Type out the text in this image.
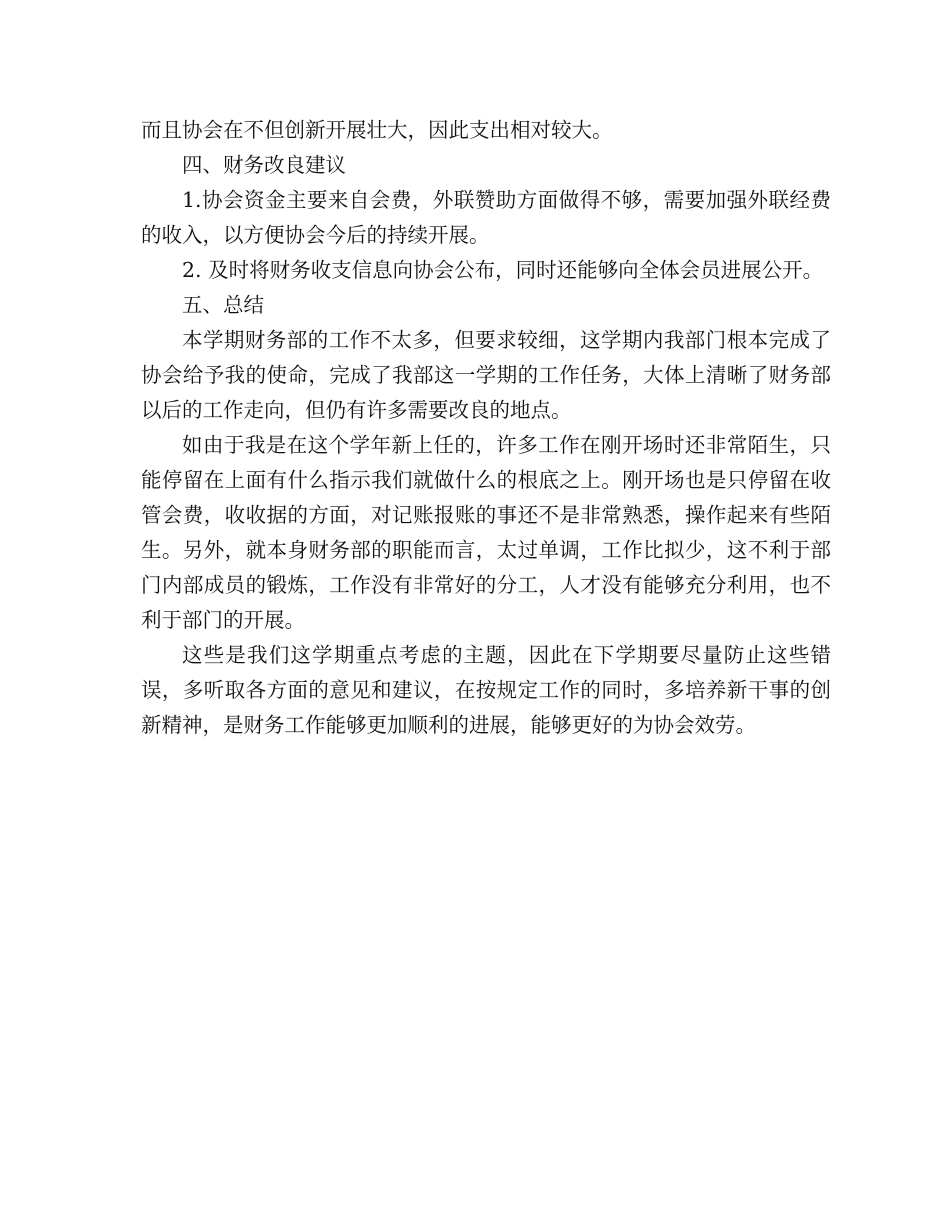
而且协会在不但创新开展壮大，因此支出相对较大。

四、财务改良建议

1.协会资金主要来自会费，外联赞助方面做得不够，需要加强外联经费的收入，以方便协会今后的持续开展。

2. 及时将财务收支信息向协会公布，同时还能够向全体会员进展公开。

五、总结

本学期财务部的工作不太多，但要求较细，这学期内我部门根本完成了协会给予我的使命，完成了我部这一学期的工作任务，大体上清晰了财务部以后的工作走向，但仍有许多需要改良的地点。

如由于我是在这个学年新上任的，许多工作在刚开场时还非常陌生，只能停留在上面有什么指示我们就做什么的根底之上。刚开场也是只停留在收管会费，收收据的方面，对记账报账的事还不是非常熟悉，操作起来有些陌生。另外，就本身财务部的职能而言，太过单调，工作比拟少，这不利于部门内部成员的锻炼，工作没有非常好的分工，人才没有能够充分利用，也不利于部门的开展。

这些是我们这学期重点考虑的主题，因此在下学期要尽量防止这些错误，多听取各方面的意见和建议，在按规定工作的同时，多培养新干事的创新精神，是财务工作能够更加顺利的进展，能够更好的为协会效劳。
